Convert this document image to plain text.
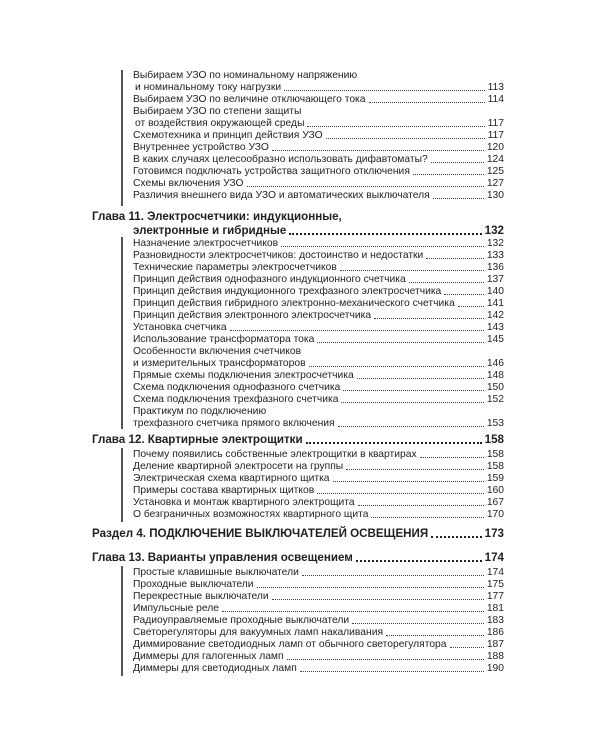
Выбираем УЗО по номинальному напряжению
и номинальному току нагрузки	113
Выбираем УЗО по величине отключающего тока	114
Выбираем УЗО по степени защиты
от воздействия окружающей среды	117
Схемотехника и принцип действия УЗО	117
Внутреннее устройство УЗО	120
В каких случаях целесообразно использовать дифавтоматы?	124
Готовимся подключать устройства защитного отключения	125
Схемы включения УЗО	127
Различия внешнего вида УЗО и автоматических выключателя	130
Глава 11. Электросчетчики: индукционные,
электронные и гибридные	132
Назначение электросчетчиков	132
Разновидности электросчетчиков: достоинство и недостатки	133
Технические параметры электросчетчиков	136
Принцип действия однофазного индукционного счетчика	137
Принцип действия индукционного трехфазного электросчетчика	140
Принцип действия гибридного электронно-механического счетчика	141
Принцип действия электронного электросчетчика	142
Установка счетчика	143
Использование трансформатора тока	145
Особенности включения счетчиков
и измерительных трансформаторов	146
Прямые схемы подключения электросчетчика	148
Схема подключения однофазного счетчика	150
Схема подключения трехфазного счетчика	152
Практикум по подключению
трехфазного счетчика прямого включения	153
Глава 12. Квартирные электрощитки	158
Почему появились собственные электрощитки в квартирах	158
Деление квартирной электросети на группы	158
Электрическая схема квартирного щитка	159
Примеры состава квартирных щитков	160
Установка и монтаж квартирного электрощита	167
О безграничных возможностях квартирного щита	170
Раздел 4. ПОДКЛЮЧЕНИЕ ВЫКЛЮЧАТЕЛЕЙ ОСВЕЩЕНИЯ	173
Глава 13. Варианты управления освещением	174
Простые клавишные выключатели	174
Проходные выключатели	175
Перекрестные выключатели	177
Импульсные реле	181
Радиоуправляемые проходные выключатели	183
Светорегуляторы для вакуумных ламп накаливания	186
Диммирование светодиодных ламп от обычного светорегулятора	187
Диммеры для галогенных ламп	188
Диммеры для светодиодных ламп	190
